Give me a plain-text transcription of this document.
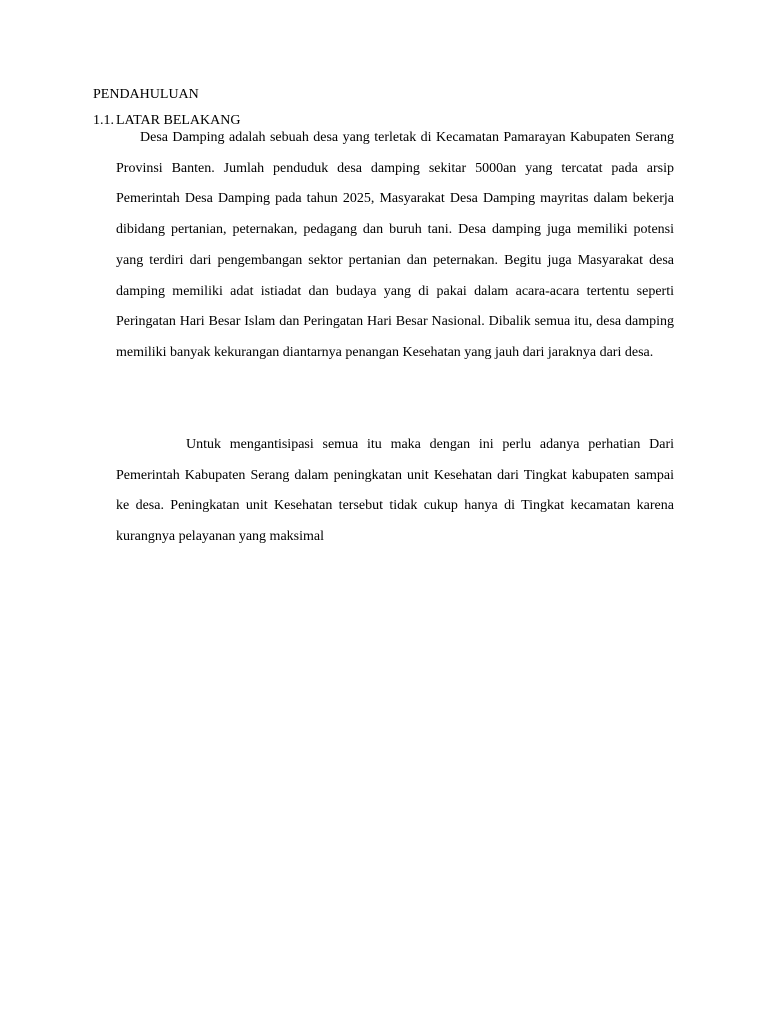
PENDAHULUAN
1.1. LATAR BELAKANG

Desa Damping adalah sebuah desa yang terletak di Kecamatan Pamarayan Kabupaten Serang Provinsi Banten. Jumlah penduduk desa damping sekitar 5000an yang tercatat pada arsip Pemerintah Desa Damping pada tahun 2025, Masyarakat Desa Damping mayritas dalam bekerja dibidang pertanian, peternakan, pedagang dan buruh tani. Desa damping juga memiliki potensi yang terdiri dari pengembangan sektor pertanian dan peternakan. Begitu juga Masyarakat desa damping memiliki adat istiadat dan budaya yang di pakai dalam acara-acara tertentu seperti Peringatan Hari Besar Islam dan Peringatan Hari Besar Nasional. Dibalik semua itu, desa damping memiliki banyak kekurangan diantarnya penangan Kesehatan yang jauh dari jaraknya dari desa.

Untuk mengantisipasi semua itu maka dengan ini perlu adanya perhatian Dari Pemerintah Kabupaten Serang dalam peningkatan unit Kesehatan dari Tingkat kabupaten sampai ke desa. Peningkatan unit Kesehatan tersebut tidak cukup hanya di Tingkat kecamatan karena kurangnya pelayanan yang maksimal
